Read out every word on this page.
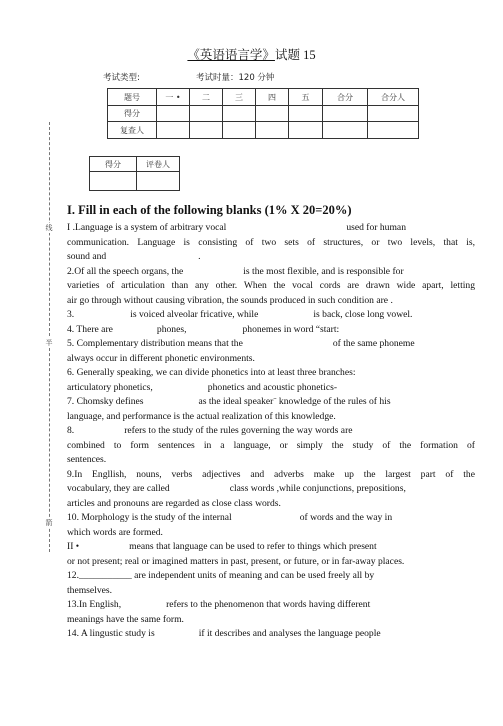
《英语语言学》试题 15
考试类型:	考试时量：120 分钟
题号	一 •	二	三	四	五	合分	合分人
得分							
复查人							
得分	评卷人

线
半
箭
I. Fill in each of the following blanks (1% X 20=20%)
I .Language is a system of arbitrary vocal	used for human
communication. Language is consisting of two sets of structures, or two levels, that is,
sound and	.
2.Of all the speech organs, the	is the most flexible, and is responsible for
varieties of articulation than any other. When the vocal cords are drawn wide apart, letting
air go through without causing vibration, the sounds produced in such condition are .
3.	is voiced alveolar fricative, while	is back, close long vowel.
4. There are	phones,	phonemes in word “start:
5. Complementary distribution means that the	of the same phoneme
always occur in different phonetic environments.
6. Generally speaking, we can divide phonetics into at least three branches:
articulatory phonetics,	phonetics and acoustic phonetics-
7. Chomsky defines	as the ideal speaker¨ knowledge of the rules of his
language, and performance is the actual realization of this knowledge.
8.	refers to the study of the rules governing the way words are
combined to form sentences in a language, or simply the study of the formation of
sentences.
9.In Engllish, nouns, verbs adjectives and adverbs make up the largest part of the
vocabulary, they are called	class words ,while conjunctions, prepositions,
articles and pronouns are regarded as close class words.
10. Morphology is the study of the internal	of words and the way in
which words are formed.
II •	means that language can be used to refer to things which present
or not present; real or imagined matters in past, present, or future, or in far-away places.
12.___________ are independent units of meaning and can be used freely all by
themselves.
13.In English,	refers to the phenomenon that words having different
meanings have the same form.
14. A lingustic study is	if it describes and analyses the language people
